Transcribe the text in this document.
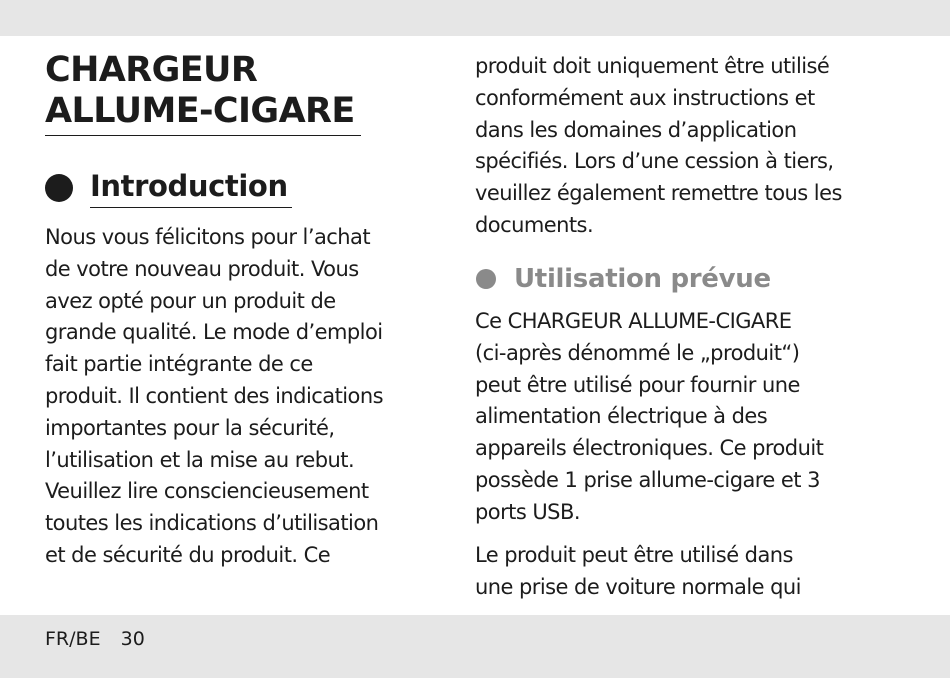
CHARGEUR
ALLUME-CIGARE
Introduction

Nous vous félicitons pour l’achat
de votre nouveau produit. Vous
avez opté pour un produit de
grande qualité. Le mode d’emploi
fait partie intégrante de ce
produit. Il contient des indications
importantes pour la sécurité,
l’utilisation et la mise au rebut.
Veuillez lire consciencieusement
toutes les indications d’utilisation
et de sécurité du produit. Ce

produit doit uniquement être utilisé
conformément aux instructions et
dans les domaines d’application
spécifiés. Lors d’une cession à tiers,
veuillez également remettre tous les
documents.

Utilisation prévue

Ce CHARGEUR ALLUME-CIGARE
(ci-après dénommé le „produit“)
peut être utilisé pour fournir une
alimentation électrique à des
appareils électroniques. Ce produit
possède 1 prise allume-cigare et 3
ports USB.

Le produit peut être utilisé dans
une prise de voiture normale qui

FR/BE 30
